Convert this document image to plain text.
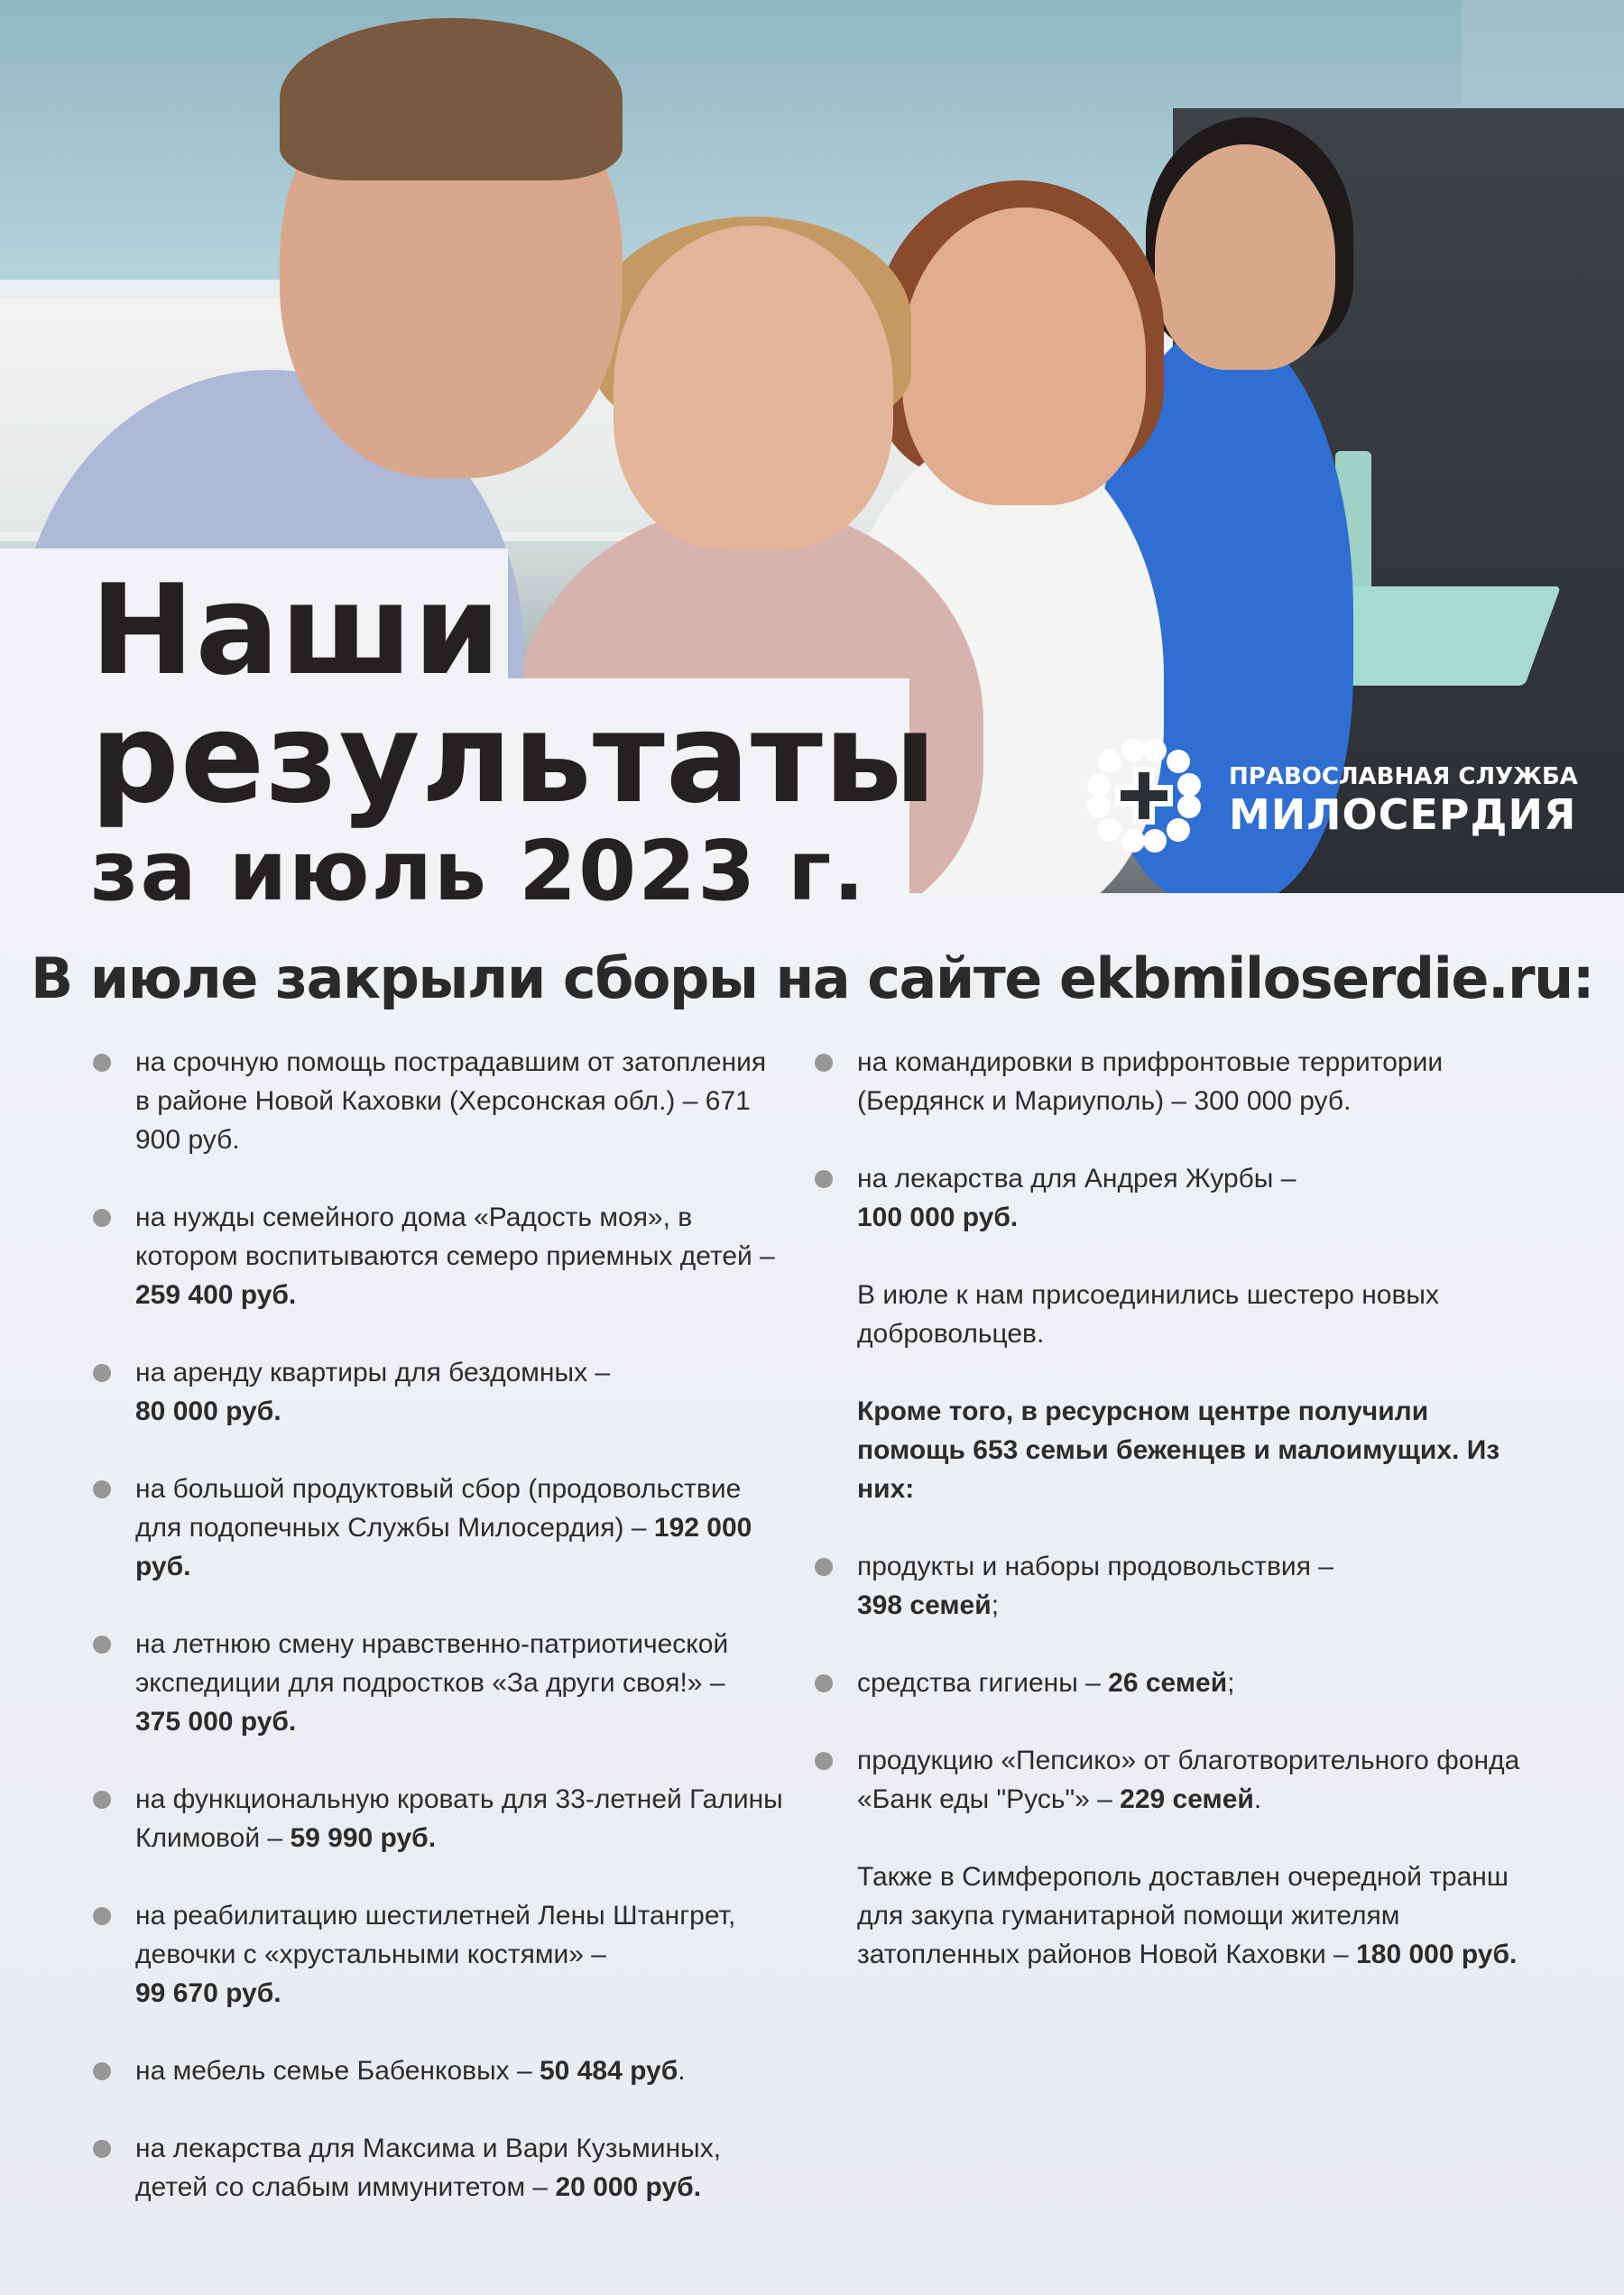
Наши
результаты
за июль 2023 г.
ПРАВОСЛАВНАЯ СЛУЖБА
МИЛОСЕРДИЯ
В июле закрыли сборы на сайте ekbmiloserdie.ru:

на срочную помощь пострадавшим от затопления в районе Новой Каховки (Херсонская обл.) – 671 900 руб.

на нужды семейного дома «Радость моя», в котором воспитываются семеро приемных детей – 259 400 руб.

на аренду квартиры для бездомных –
80 000 руб.

на большой продуктовый сбор (продовольствие для подопечных Службы Милосердия) – 192 000 руб.

на летнюю смену нравственно-патриотической экспедиции для подростков «За други своя!» –
375 000 руб.

на функциональную кровать для 33-летней Галины Климовой – 59 990 руб.

на реабилитацию шестилетней Лены Штангрет, девочки с «хрустальными костями» –
99 670 руб.

на мебель семье Бабенковых – 50 484 руб.

на лекарства для Максима и Вари Кузьминых, детей со слабым иммунитетом – 20 000 руб.

на командировки в прифронтовые территории (Бердянск и Мариуполь) – 300 000 руб.

на лекарства для Андрея Журбы –
100 000 руб.

В июле к нам присоединились шестеро новых добровольцев.

Кроме того, в ресурсном центре получили помощь 653 семьи беженцев и малоимущих. Из них:

продукты и наборы продовольствия –
398 семей;

средства гигиены – 26 семей;

продукцию «Пепсико» от благотворительного фонда «Банк еды "Русь"» – 229 семей.

Также в Симферополь доставлен очередной транш для закупа гуманитарной помощи жителям затопленных районов Новой Каховки – 180 000 руб.
